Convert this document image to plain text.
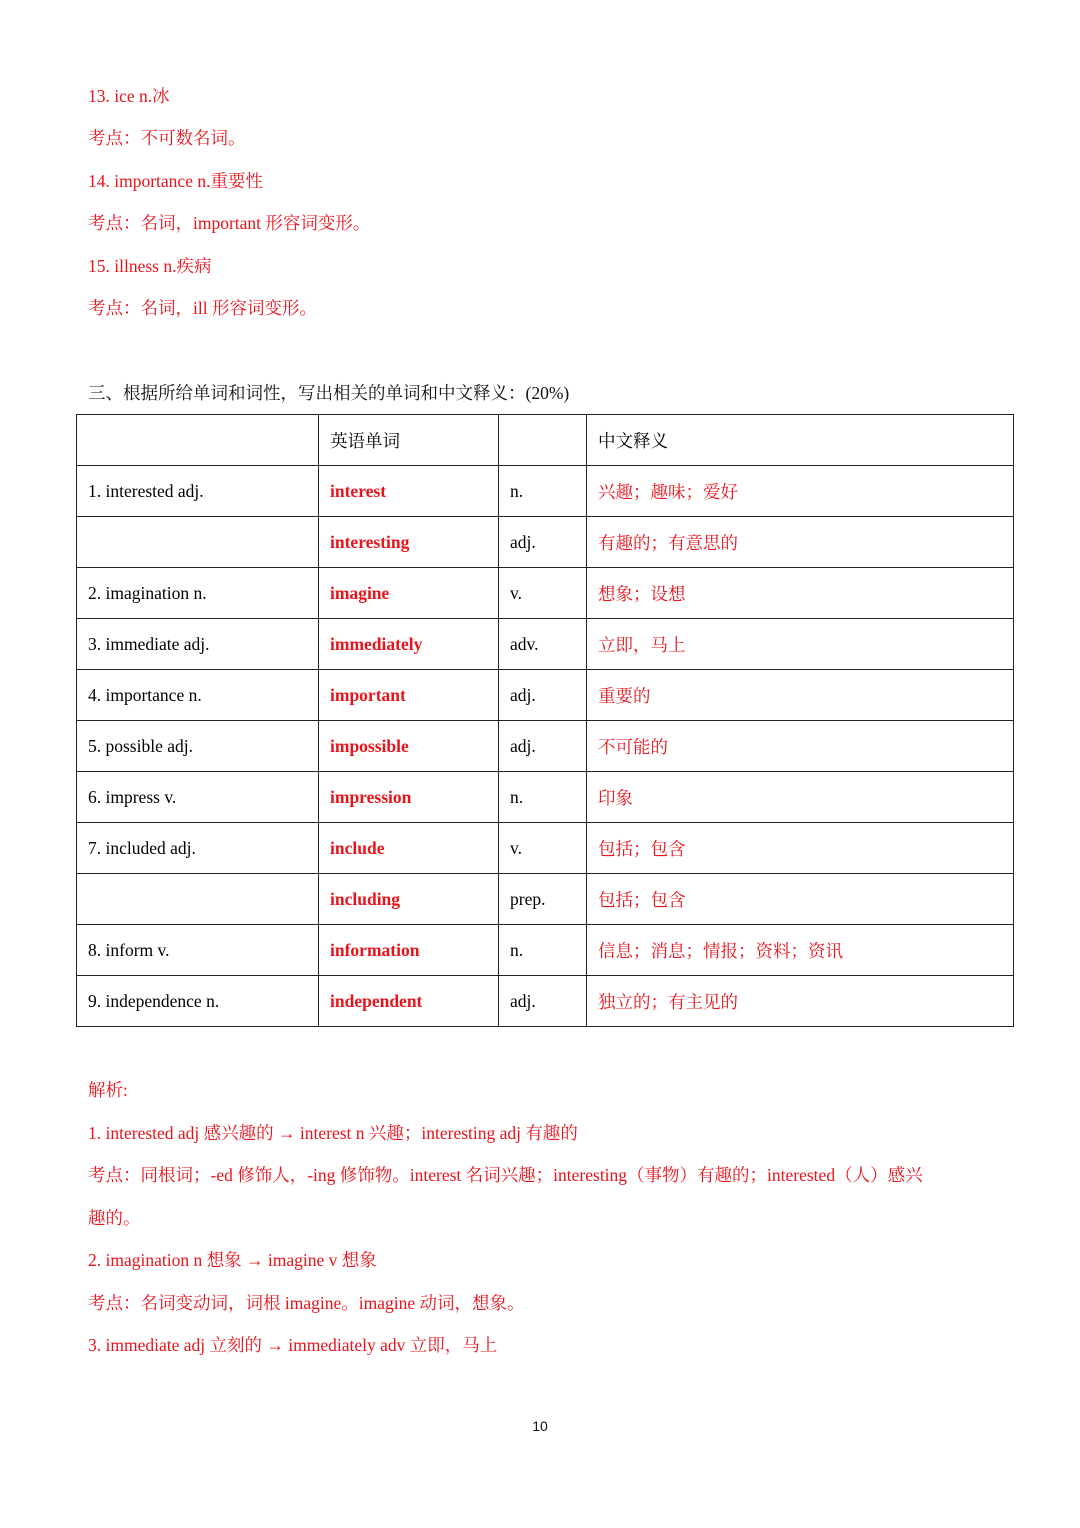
13. ice n.冰
考点：不可数名词。
14. importance n.重要性
考点：名词，important 形容词变形。
15. illness n.疾病
考点：名词，ill 形容词变形。
三、根据所给单词和词性，写出相关的单词和中文释义：(20%)
	英语单词		中文释义
1. interested adj.	interest	n.	兴趣；趣味；爱好
	interesting	adj.	有趣的；有意思的
2. imagination n.	imagine	v.	想象；设想
3. immediate adj.	immediately	adv.	立即，马上
4. importance n.	important	adj.	重要的
5. possible adj.	impossible	adj.	不可能的
6. impress v.	impression	n.	印象
7. included adj.	include	v.	包括；包含
	including	prep.	包括；包含
8. inform v.	information	n.	信息；消息；情报；资料；资讯
9. independence n.	independent	adj.	独立的；有主见的
解析:
1. interested adj 感兴趣的 → interest n 兴趣；interesting adj 有趣的
考点：同根词；-ed 修饰人，-ing 修饰物。interest 名词兴趣；interesting（事物）有趣的；interested（人）感兴
趣的。
2. imagination n 想象 → imagine v 想象
考点：名词变动词，词根 imagine。imagine 动词，想象。
3. immediate adj 立刻的 → immediately adv 立即，马上
10
